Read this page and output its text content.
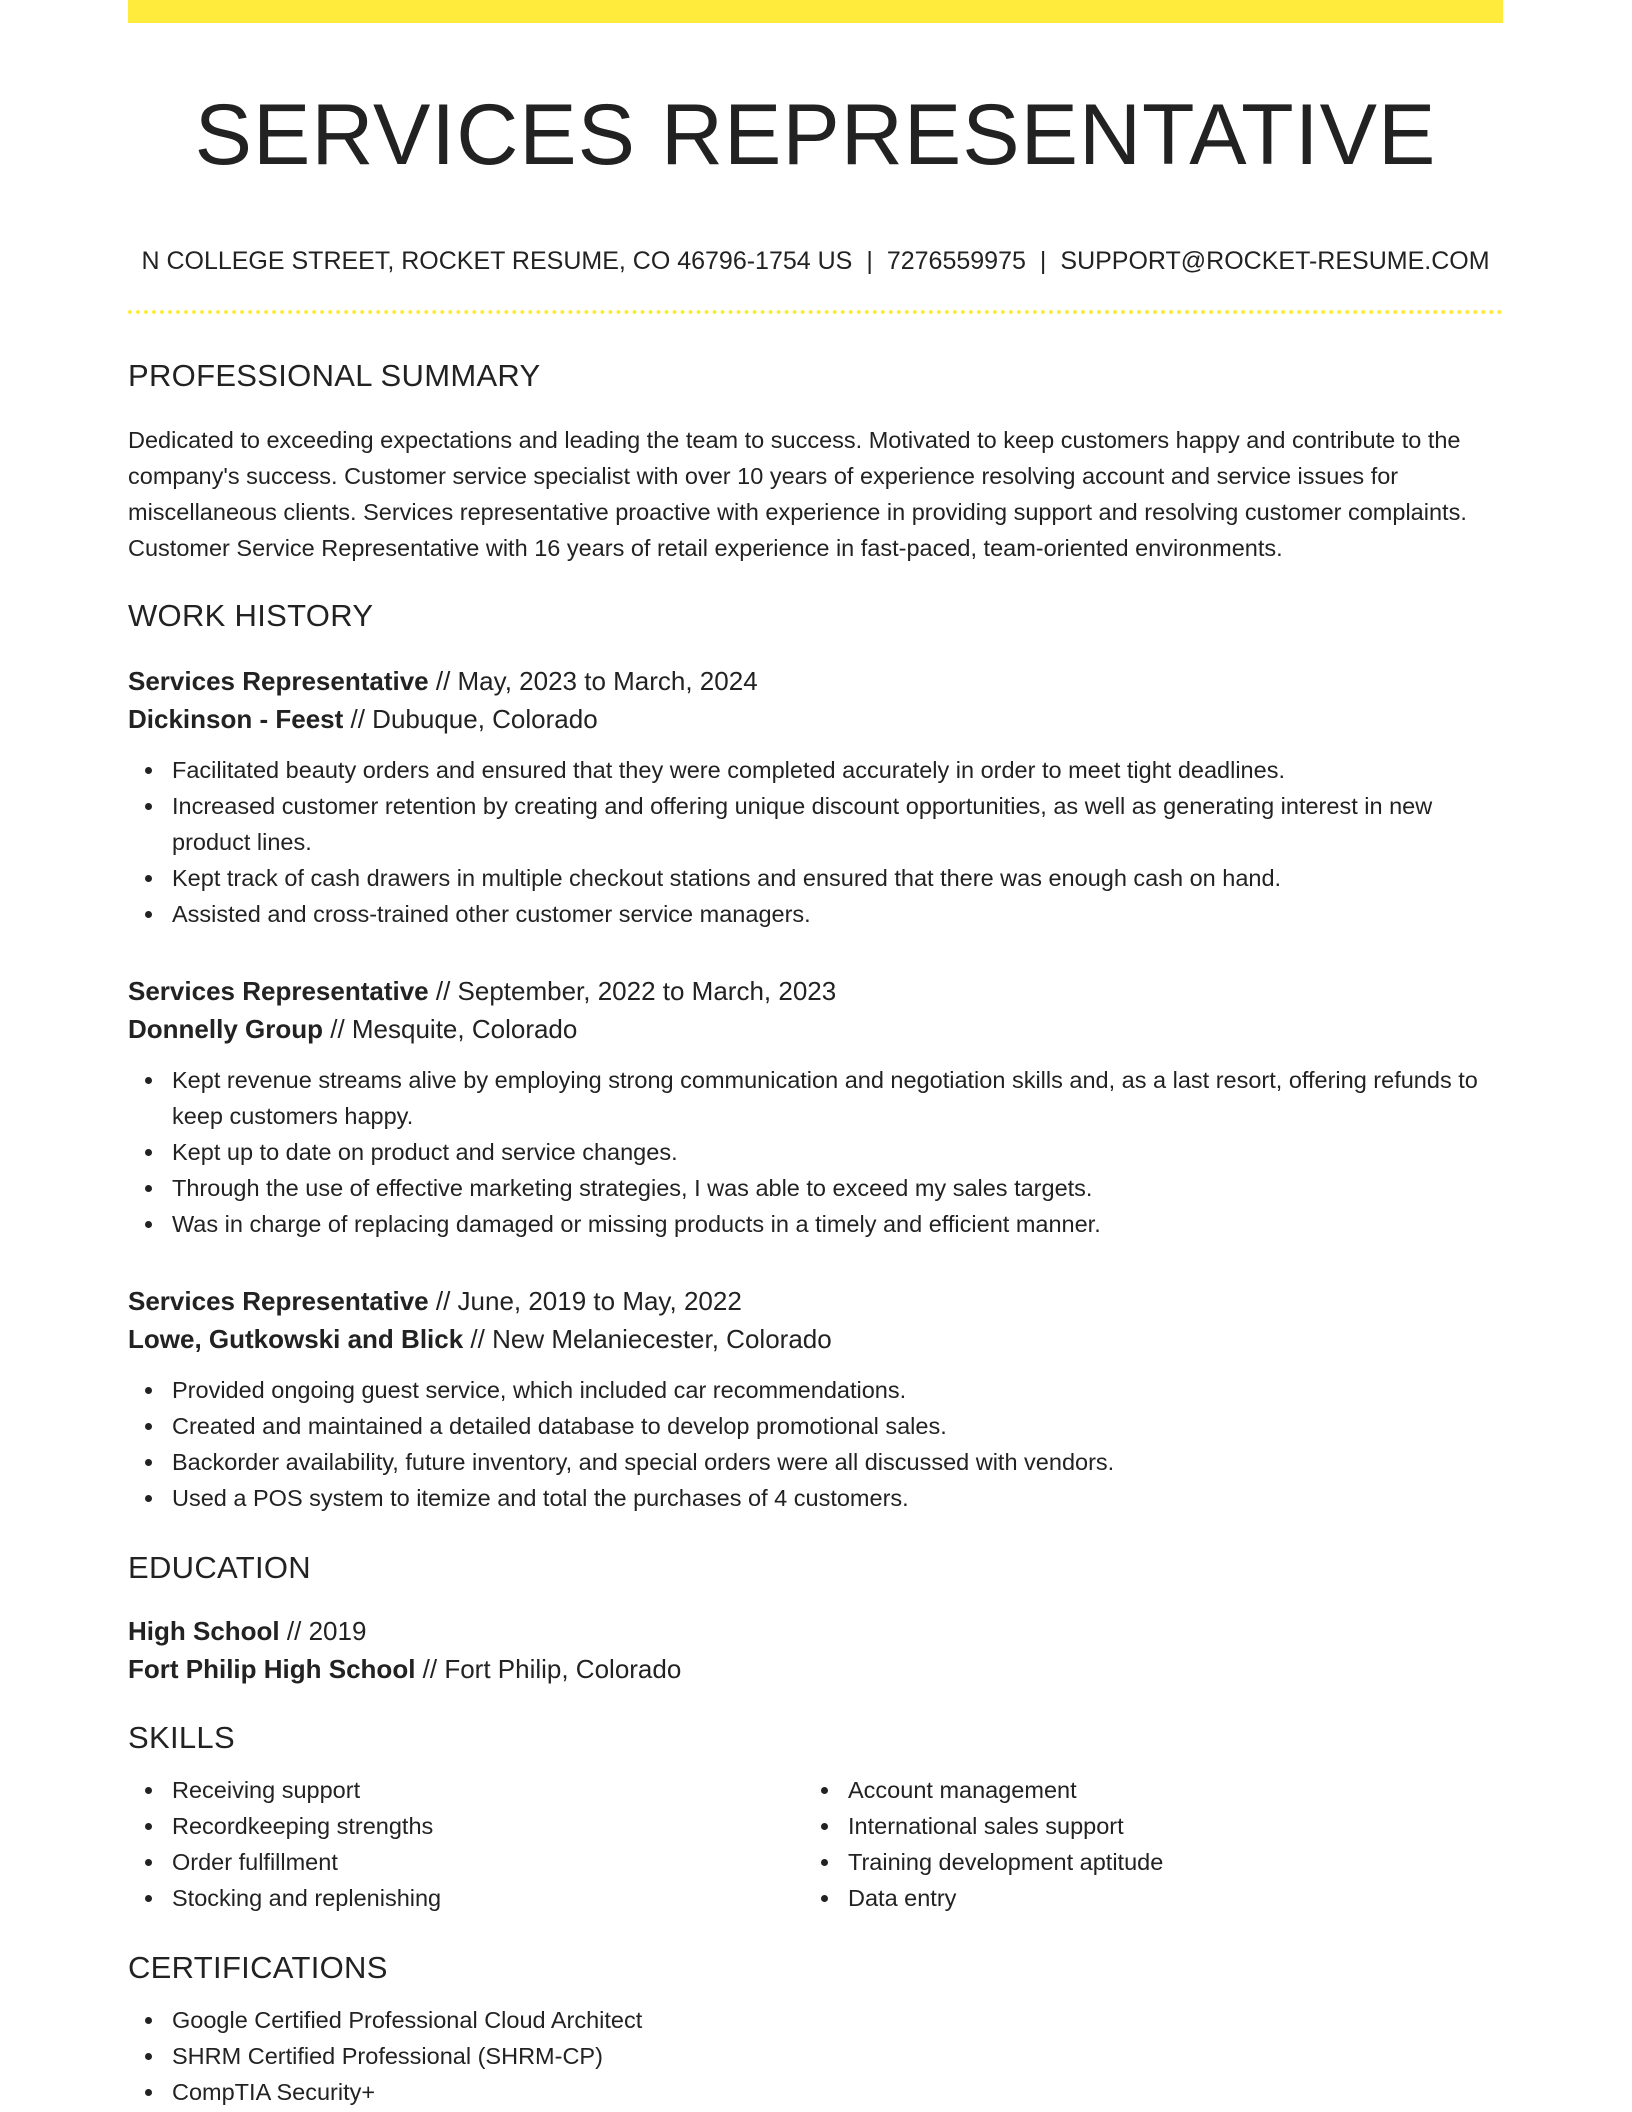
SERVICES REPRESENTATIVE
N COLLEGE STREET, ROCKET RESUME, CO 46796-1754 US | 7276559975 | SUPPORT@ROCKET-RESUME.COM
PROFESSIONAL SUMMARY
Dedicated to exceeding expectations and leading the team to success. Motivated to keep customers happy and contribute to the company's success. Customer service specialist with over 10 years of experience resolving account and service issues for miscellaneous clients. Services representative proactive with experience in providing support and resolving customer complaints. Customer Service Representative with 16 years of retail experience in fast-paced, team-oriented environments.
WORK HISTORY
Services Representative // May, 2023 to March, 2024
Dickinson - Feest // Dubuque, Colorado
Facilitated beauty orders and ensured that they were completed accurately in order to meet tight deadlines.
Increased customer retention by creating and offering unique discount opportunities, as well as generating interest in new product lines.
Kept track of cash drawers in multiple checkout stations and ensured that there was enough cash on hand.
Assisted and cross-trained other customer service managers.
Services Representative // September, 2022 to March, 2023
Donnelly Group // Mesquite, Colorado
Kept revenue streams alive by employing strong communication and negotiation skills and, as a last resort, offering refunds to keep customers happy.
Kept up to date on product and service changes.
Through the use of effective marketing strategies, I was able to exceed my sales targets.
Was in charge of replacing damaged or missing products in a timely and efficient manner.
Services Representative // June, 2019 to May, 2022
Lowe, Gutkowski and Blick // New Melaniecester, Colorado
Provided ongoing guest service, which included car recommendations.
Created and maintained a detailed database to develop promotional sales.
Backorder availability, future inventory, and special orders were all discussed with vendors.
Used a POS system to itemize and total the purchases of 4 customers.
EDUCATION
High School // 2019
Fort Philip High School // Fort Philip, Colorado
SKILLS
Receiving support
Recordkeeping strengths
Order fulfillment
Stocking and replenishing
Account management
International sales support
Training development aptitude
Data entry
CERTIFICATIONS
Google Certified Professional Cloud Architect
SHRM Certified Professional (SHRM-CP)
CompTIA Security+
